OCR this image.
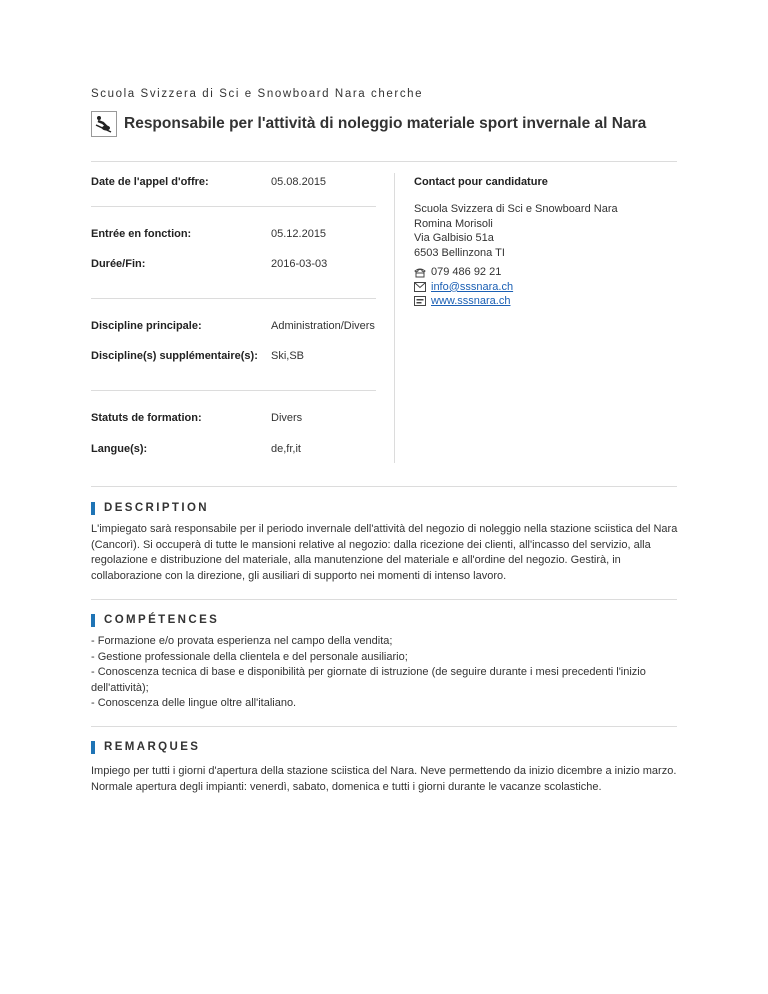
Scuola Svizzera di Sci e Snowboard Nara cherche
Responsabile per l'attività di noleggio materiale sport invernale al Nara
Date de l'appel d'offre:	05.08.2015
Entrée en fonction:	05.12.2015
Durée/Fin:	2016-03-03
Discipline principale:	Administration/Divers
Discipline(s) supplémentaire(s): Ski,SB
Statuts de formation:	Divers
Langue(s):	de,fr,it
Contact pour candidature
Scuola Svizzera di Sci e Snowboard Nara
Romina Morisoli
Via Galbisio 51a
6503 Bellinzona TI
079 486 92 21
info@sssnara.ch
www.sssnara.ch
DESCRIPTION
L'impiegato sarà responsabile per il periodo invernale dell'attività del negozio di noleggio nella stazione sciistica del Nara (Cancorì). Si occuperà di tutte le mansioni relative al negozio: dalla ricezione dei clienti, all'incasso del servizio, alla regolazione e distribuzione del materiale, alla manutenzione del materiale e all'ordine del negozio. Gestirà, in collaborazione con la direzione, gli ausiliari di supporto nei momenti di intenso lavoro.
COMPÉTENCES
- Formazione e/o provata esperienza nel campo della vendita;
- Gestione professionale della clientela e del personale ausiliario;
- Conoscenza tecnica di base e disponibilità per giornate di istruzione (de seguire durante i mesi precedenti l'inizio dell'attività);
- Conoscenza delle lingue oltre all'italiano.
REMARQUES
Impiego per tutti i giorni d'apertura della stazione sciistica del Nara. Neve permettendo da inizio dicembre a inizio marzo. Normale apertura degli impianti: venerdì, sabato, domenica e tutti i giorni durante le vacanze scolastiche.
